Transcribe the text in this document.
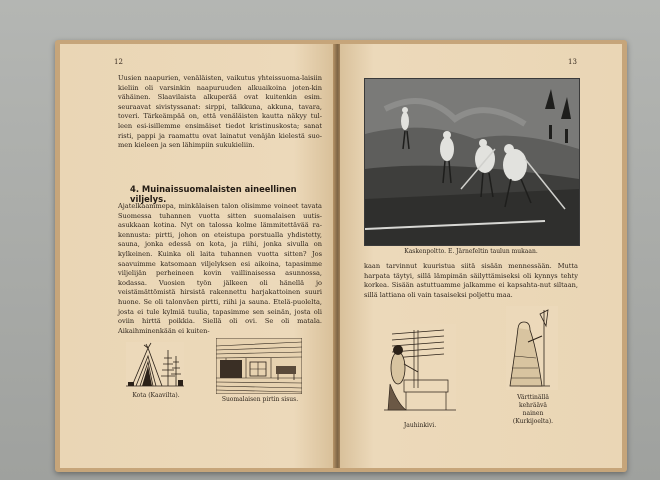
12
Uusien naapurien, venäläisten, vaikutus yhteissuoma-laisiin kieliin oli varsinkin naapuruuden alkuaikoina joten-kin vähäinen. Slaavilaista alkuperää ovat kuitenkin esim. seuraavat sivistyssanat: sirppi, talkkuna, akkuna, tavara, toveri. Tärkeämpää on, että venäläisten kautta näkyy tul-leen esi-isillemme ensimäiset tiedot kristinuskosta; sanat risti, pappi ja raamattu ovat lainatut venäjän kielestä suo-men kieleen ja sen lähimpiin sukukieliin.
4. Muinaissuomalaisten aineellinen viljelys.
Ajatelkaammepa, minkälaisen talon olisimme voineet tavata Suomessa tuhannen vuotta sitten suomalaisen uutis-asukkaan kotina. Nyt on talossa kolme lämmitettävää ra-kennusta: pirtti, johon on eteistupa porstualla yhdistetty, sauna, jonka edessä on kota, ja riihi, jonka sivulla on kylkeinen. Kuinka oli laita tuhannen vuotta sitten? Jos saavuimme katsomaan viljelyksen esi aikoina, tapasimme viljelijän perheineen kovin vaillinaisessa asunnossa, kodassa. Vuosien työn jälkeen oli hänellä jo veistämättömistä hirsistä rakennettu harjakattoinen suuri huone. Se oli talonväen pirtti, riihi ja sauna. Etelä-puolelta, josta ei tule kylmiä tuulia, tapasimme sen seinän, josta oli oviin hirttä poikkia. Siellä oli ovi. Se oli matala. Aikaihminenkään ei kuiten-
Kota (Kaavilta).
Suomalaisen pirtin sisus.
13
Kaskenpoltto. E. Järnefeltin taulun mukaan.
kaan tarvinnut kuuristua siitä sisään mennessään. Mutta harpata täytyi, sillä lämpimän säilyttämiseksi oli kynnys tehty korkea. Sisään astuttuamme jalkamme ei kapsahta-nut siltaan, sillä lattiana oli vain tasaiseksi poljettu maa.
Jauhinkivi.
Värttinällä
kehräävä
nainen
(Kurkijoelta).
